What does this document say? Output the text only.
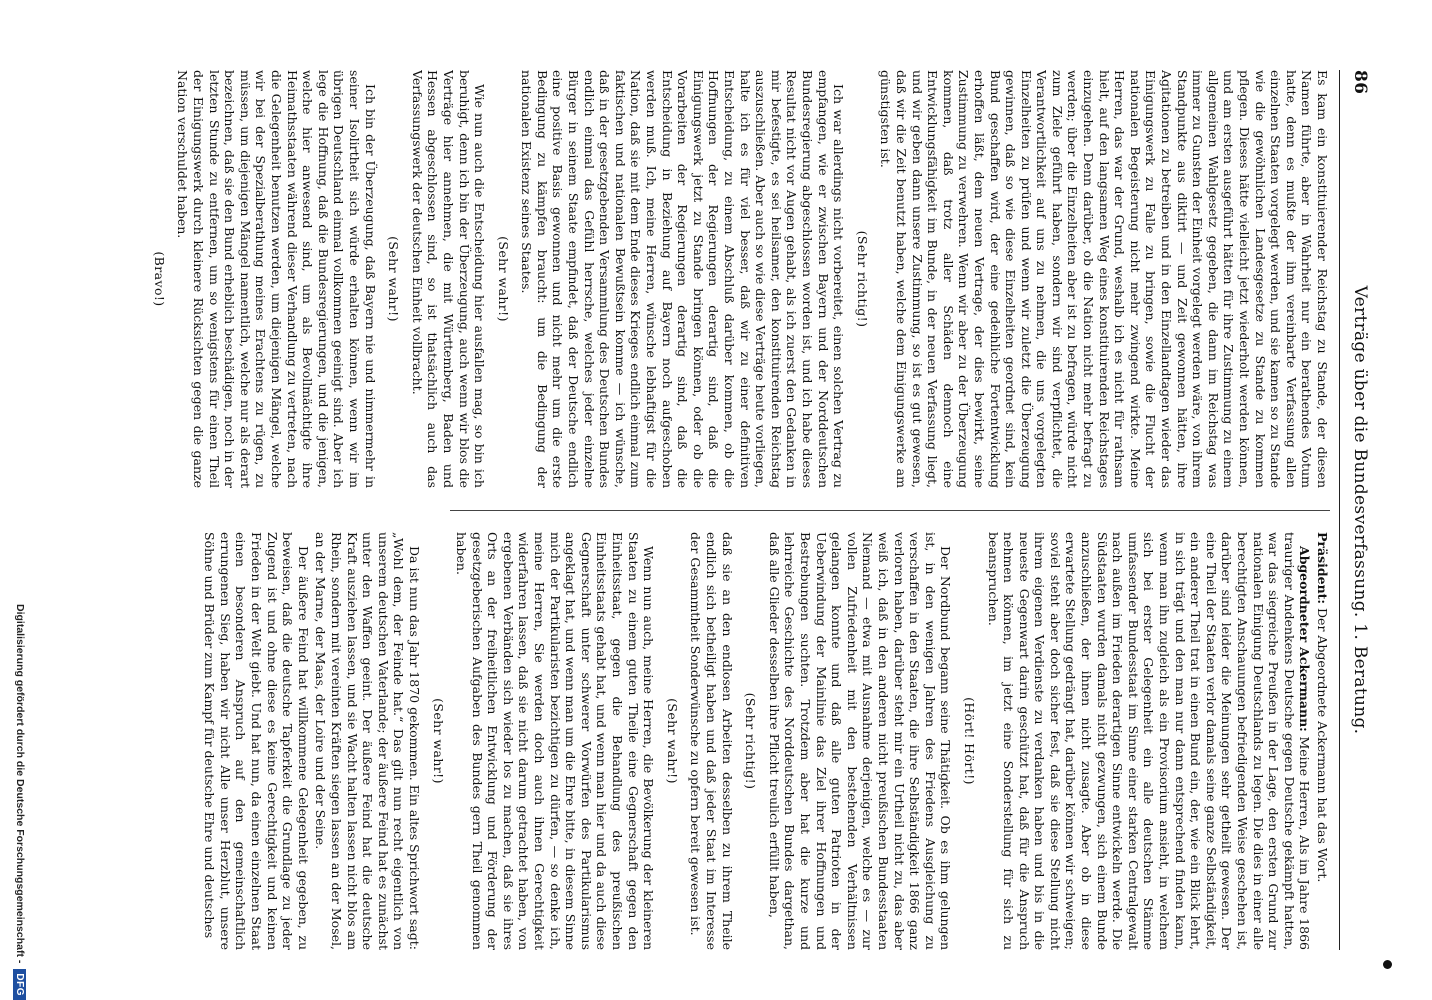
86
Verträge über die Bundesverfassung. 1. Beratung.

Es kam ein konstituierender Reichstag zu Stande, der diesen Namen führte, aber in Wahrheit nur ein berathendes Votum hatte, denn es mußte der ihm vereinbarte Verfassung allen einzelnen Staaten vorgelegt werden, und sie kamen so zu Stande wie die gewöhnlichen Landesgesetze zu Stande zu kommen pflegen. Dieses hätte vielleicht jetzt wiederholt werden können, und am ersten ausgeführt hätten für ihre Zustimmung zu einem allgemeinen Wahlgesetz gegeben, die dann im Reichstag was immer zu Gunsten der Einheit vorgelegt werden wäre, von ihrem Standpunkte aus diktirt — und Zeit gewonnen hätten, ihre Agitationen zu betreiben und in den Einzellandtagen wieder das Einigungswerk zu Falle zu bringen, sowie die Flucht der nationalen Begeisterung nicht mehr zwingend wirkte. Meine Herren, das war der Grund, weshalb ich es nicht für rathsam hielt, auf den langsamen Weg eines konstituirenden Reichstages einzugehen. Denn darüber, ob die Nation nicht mehr befragt zu werden; über die Einzelheiten aber ist zu befragen, würde nicht zum Ziele geführt haben, sondern wir sind verpflichtet, die Verantwortlichkeit auf uns zu nehmen, die uns vorgelegten Einzelheiten zu prüfen und wenn wir zuletzt die Überzeugung gewinnen, daß so wie diese Einzelheiten geordnet sind, kein Bund geschaffen wird, der eine gedeihliche Fortentwicklung erhoffen läßt, dem neuen Vertrage, der dies bewirkt, seine Zustimmung zu verwehren. Wenn wir aber zu der Überzeugung kommen, daß trotz aller Schäden dennoch eine Entwicklungsfähigkeit im Bunde, in der neuen Verfassung liegt, und wir geben dann unsere Zustimmung, so ist es gut gewesen, daß wir die Zeit benutzt haben, welche dem Einigungswerke am günstigsten ist.

(Sehr richtig!)

Ich war allerdings nicht vorbereitet, einen solchen Vertrag zu empfangen, wie er zwischen Bayern und der Norddeutschen Bundesregierung abgeschlossen worden ist, und ich habe dieses Resultat nicht vor Augen gehabt, als ich zuerst den Gedanken in mir befestigte, es sei heilsamer, den konstituirenden Reichstag auszuschließen. Aber auch so wie diese Verträge heute vorliegen, halte ich es für viel besser, daß wir zu einer definitiven Entscheidung, zu einem Abschluß darüber kommen, ob die Hoffnungen der Regierungen derartig sind, daß die Einigungswerk jetzt zu Stande bringen können, oder ob die Vorarbeiten der Regierungen derartig sind, daß die Entscheidung in Beziehung auf Bayern noch aufgeschoben werden muß. Ich, meine Herren, wünsche lebhaftigst für die Nation, daß sie mit dem Ende dieses Krieges endlich einmal zum faktischen und nationalen Bewußtsein komme — ich wünsche, daß in der gesetzgebenden Versammlung des Deutschen Bundes endlich einmal das Gefühl herrsche, welches jeder einzelne Bürger in seinem Staate empfindet, daß der Deutsche endlich eine positive Basis gewonnen und nicht mehr um die erste Bedingung zu kämpfen braucht: um die Bedingung der nationalen Existenz seines Staates.

(Sehr wahr!)

Wie nun auch die Entscheidung hier ausfallen mag, so bin ich beruhigt, denn ich bin der Überzeugung, auch wenn wir blos die Verträge hier annehmen, die mit Württemberg, Baden und Hessen abgeschlossen sind, so ist thatsächlich auch das Verfassungswerk der deutschen Einheit vollbracht.

(Sehr wahr!)

Ich bin der Überzeugung, daß Bayern nie und nimmermehr in seiner Isolirtheit sich würde erhalten können, wenn wir im übrigen Deutschland einmal vollkommen geeinigt sind. Aber ich lege die Hoffnung, daß die Bundesregierungen, und die jenigen, welche hier anwesend sind, um als Bevollmächtigte ihre Heimathsstaaten während dieser Verhandlung zu vertreten, nach die Gelegenheit benutzen werden, um diejenigen Mängel, welche wir bei der Spezialberathung meines Erachtens zu rügen, zu müssen, um diejenigen Mängel namentlich, welche nur als derart bezeichnen, daß sie den Bund erheblich beschädigen, noch in der letzten Stunde zu entfernen, um so wenigstens für einen Theil der Einigungswerk durch kleinere Rücksichten gegen die ganze Nation verschuldet haben.

(Bravo!)

Präsident: Der Abgeordnete Ackermann hat das Wort.

Abgeordneter Ackermann: Meine Herren, Als im Jahre 1866 trauriger Andenkens Deutsche gegen Deutsche gekämpft hatten, war das siegreiche Preußen in der Lage, den ersten Grund zur nationalen Einigung Deutschlands zu legen. Die dies in einer alle berechtigten Anschauungen befriedigenden Weise geschehen ist, darüber sind leider die Meinungen sehr getheilt gewesen. Der eine Theil der Staaten verlor damals seine ganze Selbständigkeit, ein anderer Theil trat in einen Bund ein, der, wie ein Blick lehrt, in sich trägt und den man nur dann entsprechend finden kann, wenn man ihn zugleich als ein Provisorium ansieht, in welchem sich bei erster Gelegenheit ein alle deutschen Stämme umfassender Bundesstaat im Sinne einer starken Centralgewalt nach außen im Frieden derartigen Sinne entwickeln werde. Die Südstaaten wurden damals nicht gezwungen, sich einem Bunde anzuschließen, der ihnen nicht zusagte. Aber ob in diese erwartete Stellung gedrängt hat, darüber können wir schweigen; soviel steht aber doch sicher fest, daß sie diese Stellung nicht ihrem eigenen Verdienste zu verdanken haben und bis in die neueste Gegenwart darin geschützt hat, daß für die Anspruch nehmen können, im jetzt eine Sonderstellung für sich zu beanspruchen.

(Hört! Hört!)

Der Nordbund begann seine Thätigkeit. Ob es ihm gelungen ist, in den wenigen Jahren des Friedens Ausgleichung zu verschaffen in den Staaten, die ihre Selbständigkeit 1866 ganz verloren haben, darüber steht mir ein Urtheil nicht zu, das aber weiß ich, daß in den anderen nicht preußischen Bundesstaaten Niemand — etwa mit Ausnahme derjenigen, welche es — zur vollen Zufriedenheit mit den bestehenden Verhältnissen gelangen konnte und daß alle guten Patrioten in der Ueberwindung der Mainlinie das Ziel ihrer Hoffnungen und Bestrebungen suchten. Trotzdem aber hat die kurze und lehrreiche Geschichte des Norddeutschen Bundes dargethan, daß alle Glieder desselben ihre Pflicht treulich erfüllt haben,

(Sehr richtig!)

daß sie an den endlosen Arbeiten desselben zu ihrem Theile endlich sich betheiligt haben und daß jeder Staat im Interesse der Gesammtheit Sonderwünsche zu opfern bereit gewesen ist.

(Sehr wahr!)

Wenn nun auch, meine Herren, die Bevölkerung der kleineren Staaten zu einem guten Theile eine Gegnerschaft gegen den Einheitsstaat, gegen die Behandlung des preußischen Einheitsstaats gehabt hat, und wenn man hier und da auch diese Gegnerschaft unter schwerer Vorwürfen des Partikularismus angeklagt hat, und wenn man um die Ehre bitte, in diesem Sinne mich der Partikularisten bezichtigen zu dürfen, — so denke ich, meine Herren, Sie werden doch auch ihnen Gerechtigkeit widerfahren lassen, daß sie nicht darum getrachtet haben, von ergebenen Verbänden sich wieder los zu machen, daß sie ihres Orts an der freiheitlichen Entwicklung und Förderung der gesetzgeberischen Aufgaben des Bundes gern Theil genommen haben.

(Sehr wahr!)

Da ist nun das Jahr 1870 gekommen. Ein altes Sprichwort sagt: „Wohl dem, der Feinde hat.“ Das gilt nun recht eigentlich von unserem deutschen Vaterlande; der äußere Feind hat es zunächst unter den Waffen geeint. Der äußere Feind hat die deutsche Kraft ausziehen lassen, und sie Wacht halten lassen nicht blos am Rhein, sondern mit vereinten Kräften siegen lassen an der Mosel, an der Marne, der Maas, der Loire und der Seine.

Der äußere Feind hat willkommene Gelegenheit gegeben, zu beweisen, daß die deutsche Tapferkeit die Grundlage zu jeder Zugend ist und ohne diese es keine Gerechtigkeit und keinen Frieden in der Welt giebt. Und hat nun, da einen einzelnen Staat einen besonderen Anspruch auf den gemeinschaftlich errungenen Sieg, haben wir nicht Alle unser Herzblut, unsere Söhne und Brüder zum Kampf für deutsche Ehre und deutsches

Digitalisierung gefördert durch die Deutsche Forschungsgemeinschaft -
DFG
